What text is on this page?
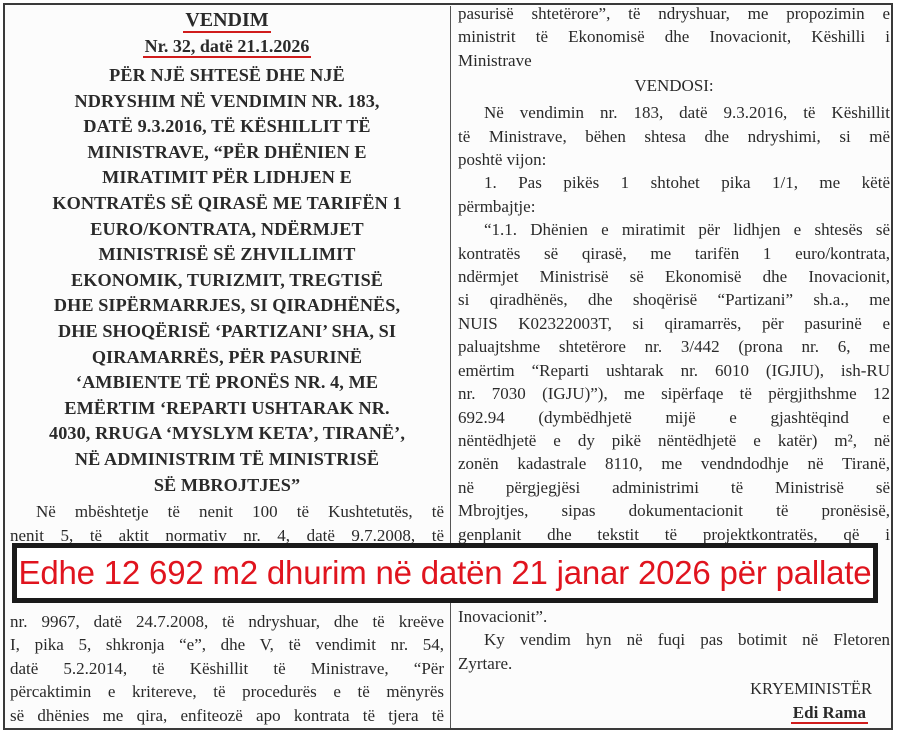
VENDIM
Nr. 32, datë 21.1.2026
PËR NJË SHTESË DHE NJË
NDRYSHIM NË VENDIMIN NR. 183,
DATË 9.3.2016, TË KËSHILLIT TË
MINISTRAVE, “PËR DHËNIEN E
MIRATIMIT PËR LIDHJEN E
KONTRATËS SË QIRASË ME TARIFËN 1
EURO/KONTRATA, NDËRMJET
MINISTRISË SË ZHVILLIMIT
EKONOMIK, TURIZMIT, TREGTISË
DHE SIPËRMARRJES, SI QIRADHËNËS,
DHE SHOQËRISË ‘PARTIZANI’ SHA, SI
QIRAMARRËS, PËR PASURINË
‘AMBIENTE TË PRONËS NR. 4, ME
EMËRTIM ‘REPARTI USHTARAK NR.
4030, RRUGA ‘MYSLYM KETA’, TIRANË’,
NË ADMINISTRIM TË MINISTRISË
SË MBROJTJES”
Në mbështetje të nenit 100 të Kushtetutës, të
nenit 5, të aktit normativ nr. 4, datë 9.7.2008, të
nr. 9967, datë 24.7.2008, të ndryshuar, dhe të kreëve
I, pika 5, shkronja “e”, dhe V, të vendimit nr. 54,
datë 5.2.2014, të Këshillit të Ministrave, “Për
përcaktimin e kritereve, të procedurës e të mënyrës
së dhënies me qira, enfiteozë apo kontrata të tjera të
pasurisë shtetërore”, të ndryshuar, me propozimin e
ministrit të Ekonomisë dhe Inovacionit, Këshilli i
Ministrave
VENDOSI:
Në vendimin nr. 183, datë 9.3.2016, të Këshillit
të Ministrave, bëhen shtesa dhe ndryshimi, si më
poshtë vijon:
1. Pas pikës 1 shtohet pika 1/1, me këtë
përmbajtje:
“1.1. Dhënien e miratimit për lidhjen e shtesës së
kontratës së qirasë, me tarifën 1 euro/kontrata,
ndërmjet Ministrisë së Ekonomisë dhe Inovacionit,
si qiradhënës, dhe shoqërisë “Partizani” sh.a., me
NUIS K02322003T, si qiramarrës, për pasurinë e
paluajtshme shtetërore nr. 3/442 (prona nr. 6, me
emërtim “Reparti ushtarak nr. 6010 (IGJIU), ish-RU
nr. 7030 (IGJU)”), me sipërfaqe të përgjithshme 12
692.94 (dymbëdhjetë mijë e gjashtëqind e
nëntëdhjetë e dy pikë nëntëdhjetë e katër) m², në
zonën kadastrale 8110, me vendndodhje në Tiranë,
në përgjegjësi administrimi të Ministrisë së
Mbrojtjes, sipas dokumentacionit të pronësisë,
genplanit dhe tekstit të projektkontratës, që i
Inovacionit”.
Ky vendim hyn në fuqi pas botimit në Fletoren
Zyrtare.
KRYEMINISTËR
Edi Rama
Edhe 12 692 m2 dhurim në datën 21 janar 2026 për pallate
